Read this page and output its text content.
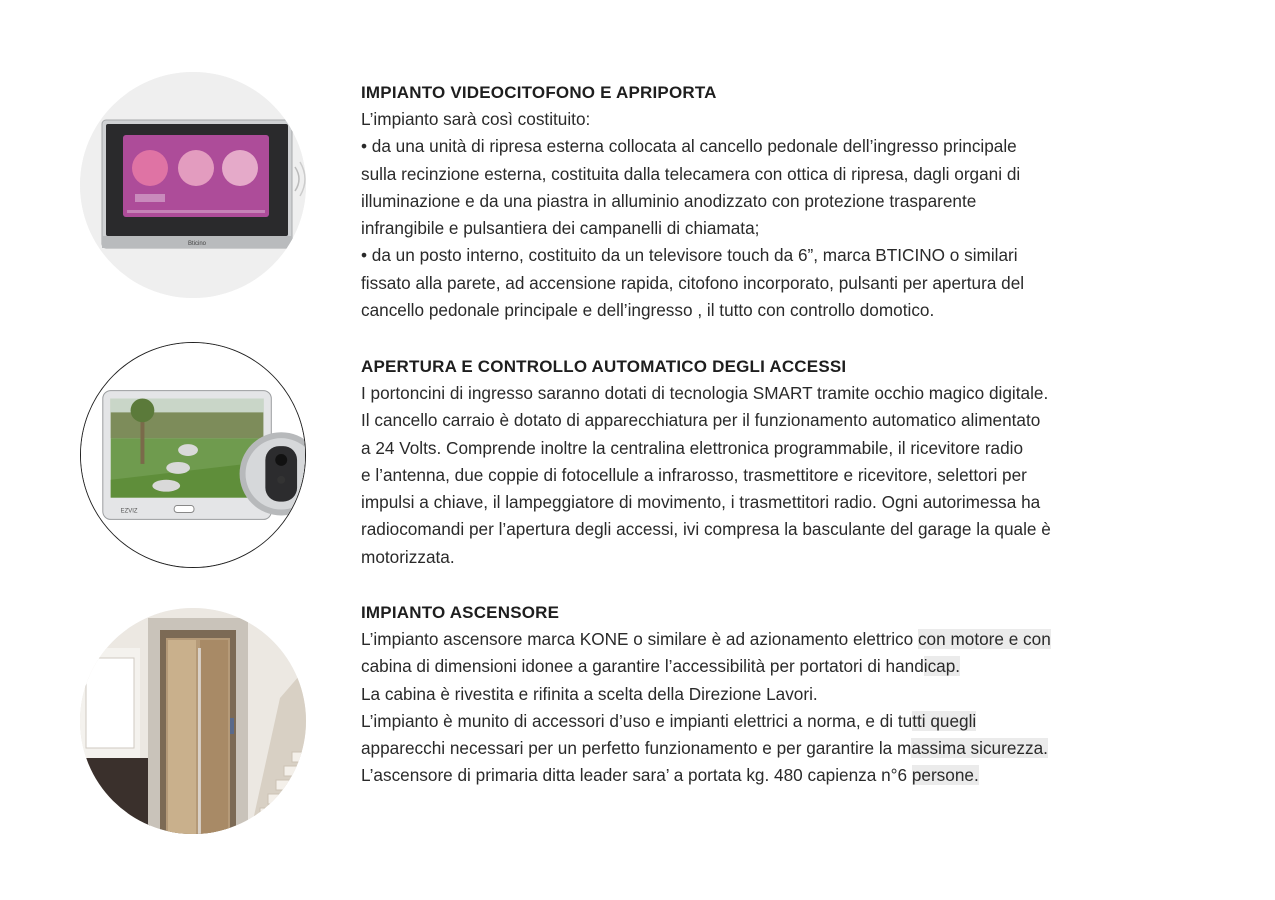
Bticino
IMPIANTO VIDEOCITOFONO E APRIPORTA
L’impianto sarà così costituito:
• da una unità di ripresa esterna collocata al cancello pedonale dell’ingresso principale
sulla recinzione esterna, costituita dalla telecamera con ottica di ripresa, dagli organi di
illuminazione e da una piastra in alluminio anodizzato con protezione trasparente
infrangibile e pulsantiera dei campanelli di chiamata;
• da un posto interno, costituito da un televisore touch da 6”, marca BTICINO o similari
fissato alla parete, ad accensione rapida, citofono incorporato, pulsanti per apertura del
cancello pedonale principale e dell’ingresso , il tutto con controllo domotico.
EZVIZ
APERTURA E CONTROLLO AUTOMATICO DEGLI ACCESSI
I portoncini di ingresso saranno dotati di tecnologia SMART tramite occhio magico digitale.
Il cancello carraio è dotato di apparecchiatura per il funzionamento automatico alimentato
a 24 Volts. Comprende inoltre la centralina elettronica programmabile, il ricevitore radio
e l’antenna, due coppie di fotocellule a infrarosso, trasmettitore e ricevitore, selettori per
impulsi a chiave, il lampeggiatore di movimento, i trasmettitori radio. Ogni autorimessa ha
radiocomandi per l’apertura degli accessi, ivi compresa la basculante del garage la quale è
motorizzata.
IMPIANTO ASCENSORE
L’impianto ascensore marca KONE o similare è ad azionamento elettrico con motore e con
cabina di dimensioni idonee a garantire l’accessibilità per portatori di handicap.
La cabina è rivestita e rifinita a scelta della Direzione Lavori.
L’impianto è munito di accessori d’uso e impianti elettrici a norma, e di tutti quegli
apparecchi necessari per un perfetto funzionamento e per garantire la massima sicurezza.
L’ascensore di primaria ditta leader sara’ a portata kg. 480 capienza n°6 persone.
